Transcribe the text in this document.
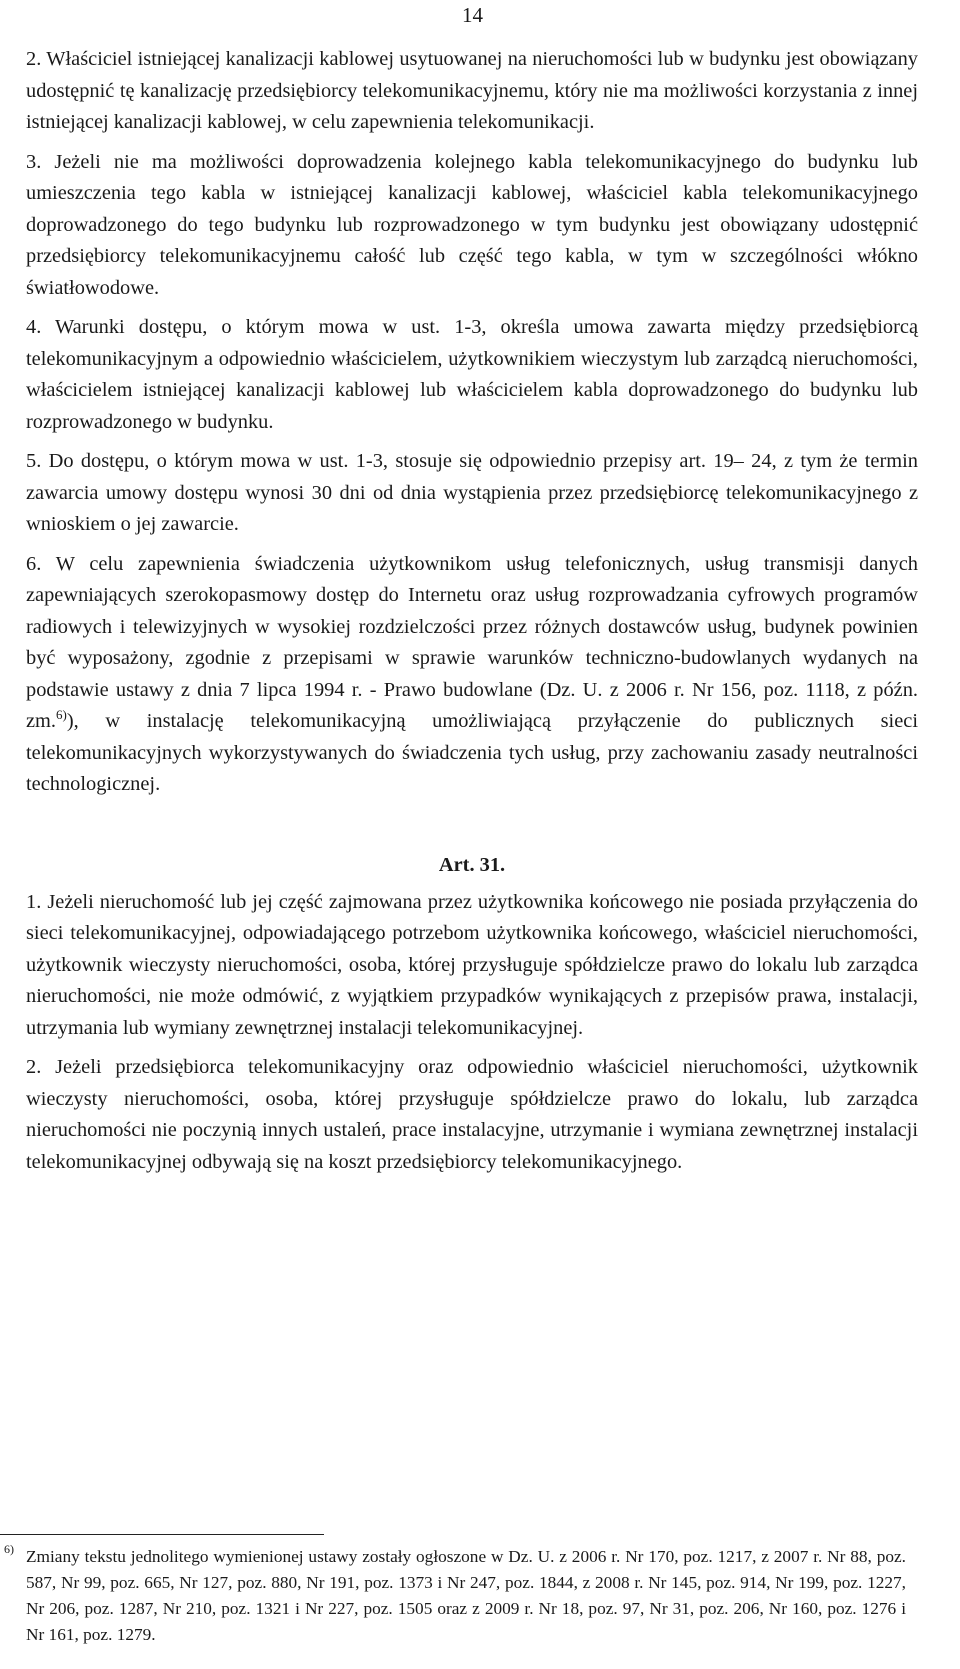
14

2. Właściciel istniejącej kanalizacji kablowej usytuowanej na nieruchomości lub w budynku jest obowiązany udostępnić tę kanalizację przedsiębiorcy telekomunikacyjnemu, który nie ma możliwości korzystania z innej istniejącej kanalizacji kablowej, w celu zapewnienia telekomunikacji.

3. Jeżeli nie ma możliwości doprowadzenia kolejnego kabla telekomunikacyjnego do budynku lub umieszczenia tego kabla w istniejącej kanalizacji kablowej, właściciel kabla telekomunikacyjnego doprowadzonego do tego budynku lub rozprowadzonego w tym budynku jest obowiązany udostępnić przedsiębiorcy telekomunikacyjnemu całość lub część tego kabla, w tym w szczególności włókno światłowodowe.

4. Warunki dostępu, o którym mowa w ust. 1-3, określa umowa zawarta między przedsiębiorcą telekomunikacyjnym a odpowiednio właścicielem, użytkownikiem wieczystym lub zarządcą nieruchomości, właścicielem istniejącej kanalizacji kablowej lub właścicielem kabla doprowadzonego do budynku lub rozprowadzonego w budynku.

5. Do dostępu, o którym mowa w ust. 1-3, stosuje się odpowiednio przepisy art. 19– 24, z tym że termin zawarcia umowy dostępu wynosi 30 dni od dnia wystąpienia przez przedsiębiorcę telekomunikacyjnego z wnioskiem o jej zawarcie.

6. W celu zapewnienia świadczenia użytkownikom usług telefonicznych, usług transmisji danych zapewniających szerokopasmowy dostęp do Internetu oraz usług rozprowadzania cyfrowych programów radiowych i telewizyjnych w wysokiej rozdzielczości przez różnych dostawców usług, budynek powinien być wyposażony, zgodnie z przepisami w sprawie warunków techniczno-budowlanych wydanych na podstawie ustawy z dnia 7 lipca 1994 r. - Prawo budowlane (Dz. U. z 2006 r. Nr 156, poz. 1118, z późn. zm.$^{6)}$), w instalację telekomunikacyjną umożliwiającą przyłączenie do publicznych sieci telekomunikacyjnych wykorzystywanych do świadczenia tych usług, przy zachowaniu zasady neutralności technologicznej.

Art. 31.

1. Jeżeli nieruchomość lub jej część zajmowana przez użytkownika końcowego nie posiada przyłączenia do sieci telekomunikacyjnej, odpowiadającego potrzebom użytkownika końcowego, właściciel nieruchomości, użytkownik wieczysty nieruchomości, osoba, której przysługuje spółdzielcze prawo do lokalu lub zarządca nieruchomości, nie może odmówić, z wyjątkiem przypadków wynikających z przepisów prawa, instalacji, utrzymania lub wymiany zewnętrznej instalacji telekomunikacyjnej.

2. Jeżeli przedsiębiorca telekomunikacyjny oraz odpowiednio właściciel nieruchomości, użytkownik wieczysty nieruchomości, osoba, której przysługuje spółdzielcze prawo do lokalu, lub zarządca nieruchomości nie poczynią innych ustaleń, prace instalacyjne, utrzymanie i wymiana zewnętrznej instalacji telekomunikacyjnej odbywają się na koszt przedsiębiorcy telekomunikacyjnego.

6) Zmiany tekstu jednolitego wymienionej ustawy zostały ogłoszone w Dz. U. z 2006 r. Nr 170, poz. 1217, z 2007 r. Nr 88, poz. 587, Nr 99, poz. 665, Nr 127, poz. 880, Nr 191, poz. 1373 i Nr 247, poz. 1844, z 2008 r. Nr 145, poz. 914, Nr 199, poz. 1227, Nr 206, poz. 1287, Nr 210, poz. 1321 i Nr 227, poz. 1505 oraz z 2009 r. Nr 18, poz. 97, Nr 31, poz. 206, Nr 160, poz. 1276 i Nr 161, poz. 1279.
